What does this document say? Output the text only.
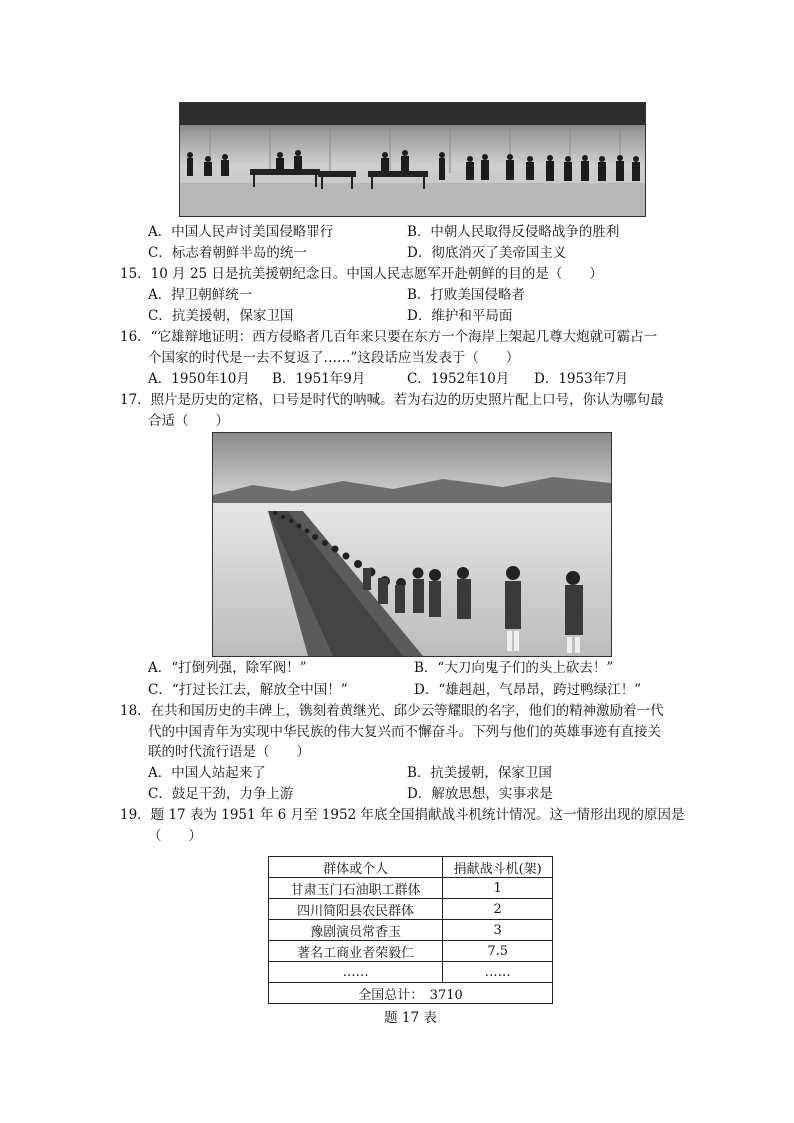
A．中国人民声讨美国侵略罪行	B．中朝人民取得反侵略战争的胜利
C．标志着朝鲜半岛的统一	D．彻底消灭了美帝国主义
15．10 月 25 日是抗美援朝纪念日。中国人民志愿军开赴朝鲜的目的是（　　）
A．捍卫朝鲜统一	B．打败美国侵略者
C．抗美援朝，保家卫国	D．维护和平局面
16．“它雄辩地证明：西方侵略者几百年来只要在东方一个海岸上架起几尊大炮就可霸占一
个国家的时代是一去不复返了……”这段话应当发表于（　　）
A．1950年10月 B．1951年9月	C．1952年10月 D．1953年7月
17．照片是历史的定格，口号是时代的呐喊。若为右边的历史照片配上口号，你认为哪句最
合适（　　）
A．“打倒列强，除军阀！”	B．“大刀向鬼子们的头上砍去！”
C．“打过长江去，解放全中国！”	D．“雄赳赳，气昂昂，跨过鸭绿江！”
18．在共和国历史的丰碑上，镌刻着黄继光、邱少云等耀眼的名字，他们的精神激励着一代
代的中国青年为实现中华民族的伟大复兴而不懈奋斗。下列与他们的英雄事迹有直接关
联的时代流行语是（　　）
A．中国人站起来了	B．抗美援朝，保家卫国
C．鼓足干劲，力争上游	D．解放思想，实事求是
19．题 17 表为 1951 年 6 月至 1952 年底全国捐献战斗机统计情况。这一情形出现的原因是
（　　）
群体或个人	捐献战斗机(架)
甘肃玉门石油职工群体	1
四川简阳县农民群体	2
豫剧演员常香玉	3
著名工商业者荣毅仁	7.5
……	……
全国总计：　3710	
题 17 表
